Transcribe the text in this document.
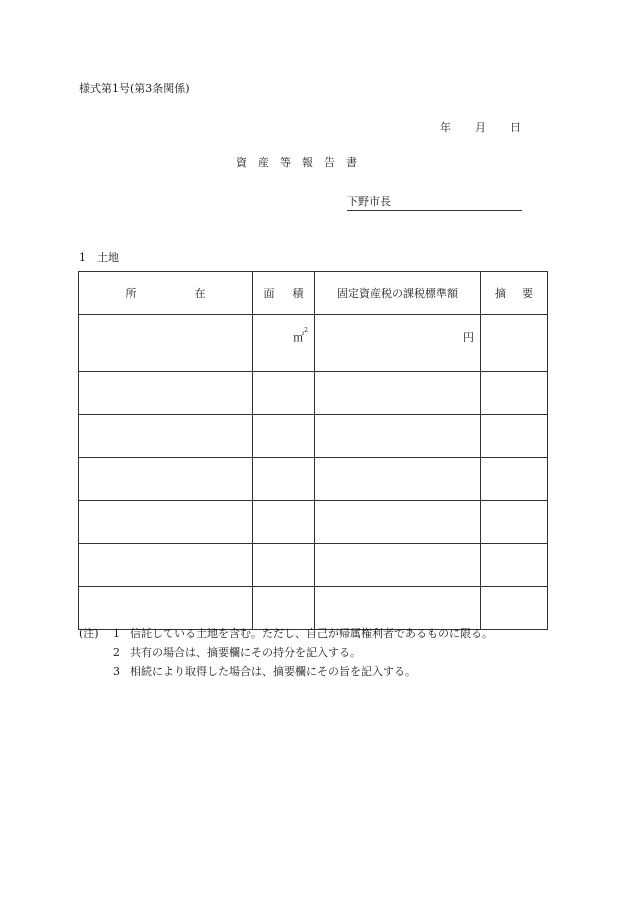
様式第1号(第3条関係)
年 月 日
資産等報告書
下野市長
1 土地
所 在	面 積	固定資産税の課税標準額	摘 要
	㎡$^2$	円	

(注) 1 信託している土地を含む。ただし、自己が帰属権利者であるものに限る。
2 共有の場合は、摘要欄にその持分を記入する。
3 相続により取得した場合は、摘要欄にその旨を記入する。
